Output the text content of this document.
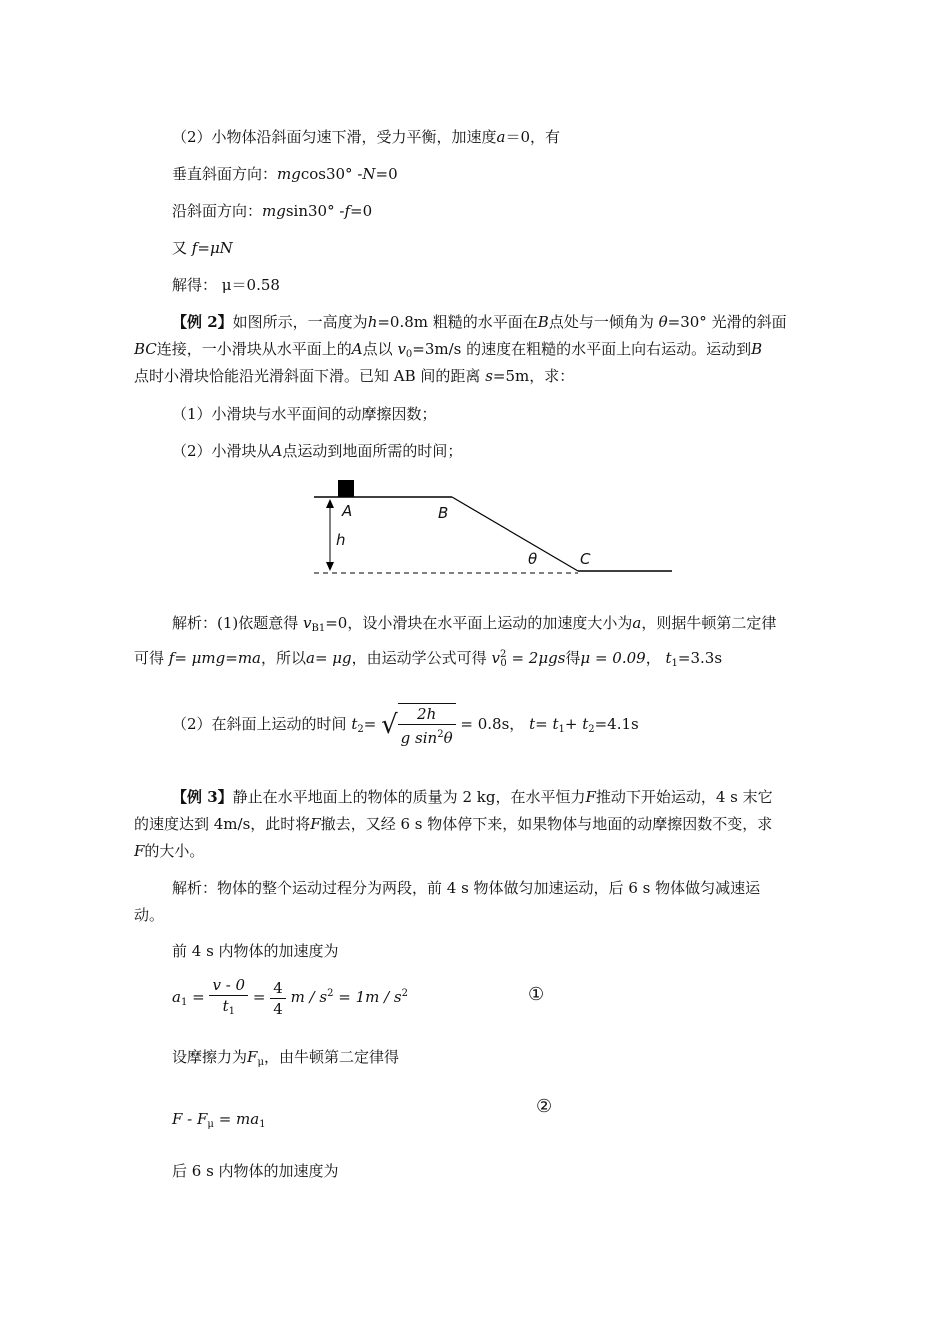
（2）小物体沿斜面匀速下滑，受力平衡，加速度a＝0，有
垂直斜面方向：mgcos30° -N=0
沿斜面方向：mgsin30° -f=0
又 f=μN
解得： μ＝0.58
【例 2】如图所示，一高度为h=0.8m 粗糙的水平面在B点处与一倾角为 θ=30° 光滑的斜面
BC连接，一小滑块从水平面上的A点以 $v_0=3m/s$ 的速度在粗糙的水平面上向右运动。运动到B
点时小滑块恰能沿光滑斜面下滑。已知 AB 间的距离 s=5m，求：
（1）小滑块与水平面间的动摩擦因数；
（2）小滑块从A点运动到地面所需的时间；
A	B
h
θ	C
解析：(1)依题意得 $v_{B1}=0$，设小滑块在水平面上运动的加速度大小为a，则据牛顿第二定律
可得 f= μmg=ma，所以a= μg，由运动学公式可得 $v^2_0 = 2\mu gs$得μ = 0.09， $t_1=3.3s$
（2）在斜面上运动的时间 $t_2=$ √ $\frac{2h}{g \sin^2\theta} = 0.8s$， $t= t_1+ t_2=4.1s$
【例 3】静止在水平地面上的物体的质量为 2 kg，在水平恒力F推动下开始运动，4 s 末它
的速度达到 4m/s，此时将F撤去，又经 6 s 物体停下来，如果物体与地面的动摩擦因数不变，求
F的大小。
解析：物体的整个运动过程分为两段，前 4 s 物体做匀加速运动，后 6 s 物体做匀减速运
动。
前 4 s 内物体的加速度为
$a_1 = \frac{v - 0}{t_1} = \frac{4}{4}$ $m / s^2 = 1m / s^2$	①
设摩擦力为$F_\mu$，由牛顿第二定律得
②
$F - F_\mu = ma_1$
后 6 s 内物体的加速度为
